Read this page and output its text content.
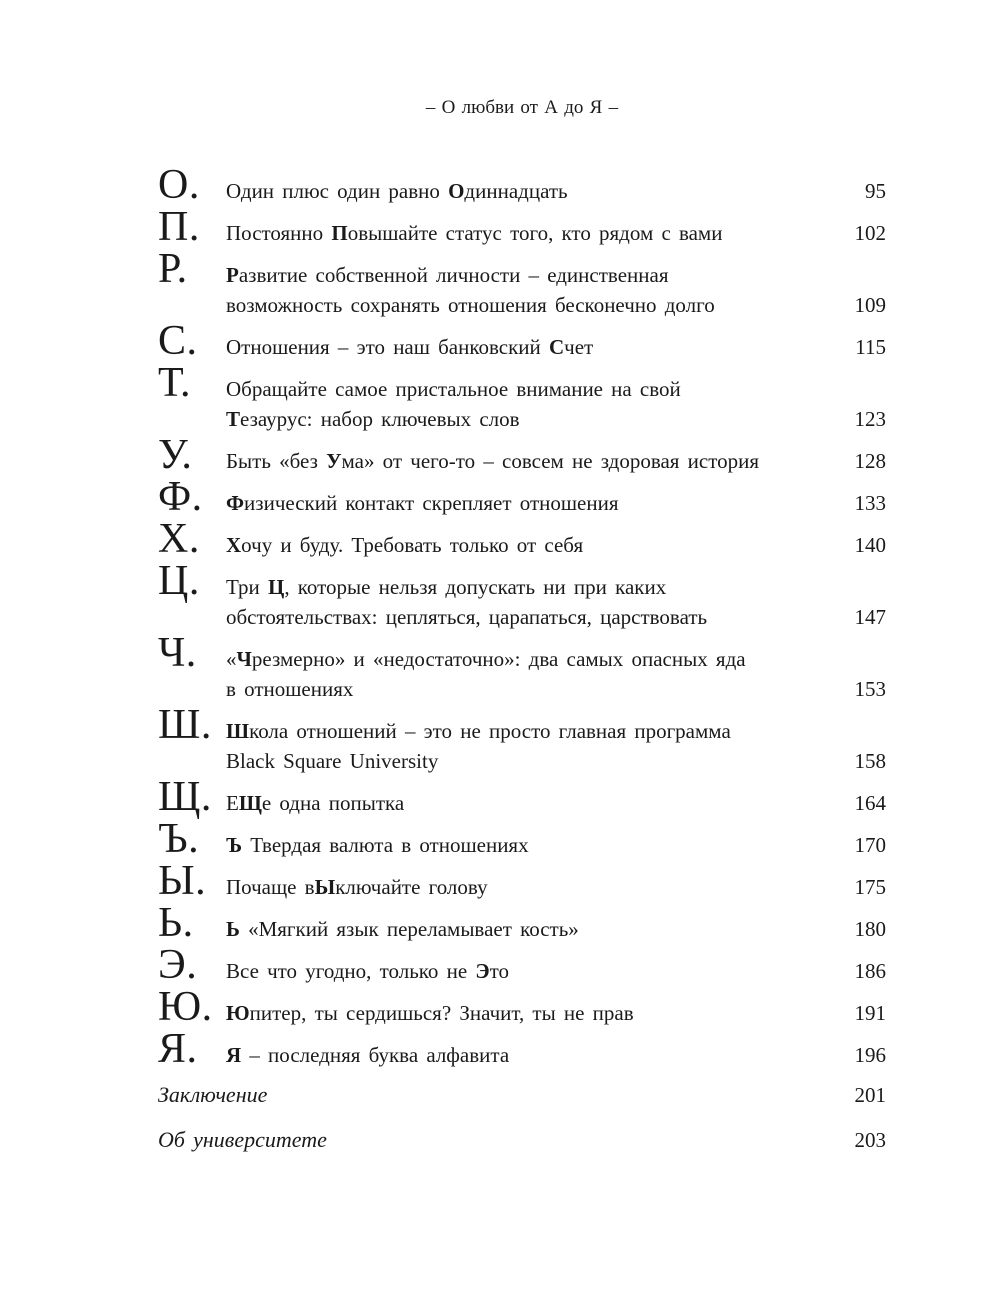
– О любви от А до Я –
О.	Один плюс один равно Одиннадцать	95
П.	Постоянно Повышайте статус того, кто рядом с вами	102
Р.	Развитие собственной личности – единственная
возможность сохранять отношения бесконечно долго	109
С.	Отношения – это наш банковский Счет	115
Т.	Обращайте самое пристальное внимание на свой
Тезаурус: набор ключевых слов	123
У.	Быть «без Ума» от чего-то – совсем не здоровая история	128
Ф.	Физический контакт скрепляет отношения	133
Х.	Хочу и буду. Требовать только от себя	140
Ц.	Три Ц, которые нельзя допускать ни при каких
обстоятельствах: цепляться, царапаться, царствовать	147
Ч.	«Чрезмерно» и «недостаточно»: два самых опасных яда
в отношениях	153
Ш. Школа отношений – это не просто главная программа
Black Square University	158
Щ. ЕЩе одна попытка	164
Ъ.	Ъ Твердая валюта в отношениях	170
Ы. Почаще вЫключайте голову	175
Ь.	Ь «Мягкий язык переламывает кость»	180
Э.	Все что угодно, только не Это	186
Ю. Юпитер, ты сердишься? Значит, ты не прав	191
Я.	Я – последняя буква алфавита	196
Заключение	201
Об университете	203
